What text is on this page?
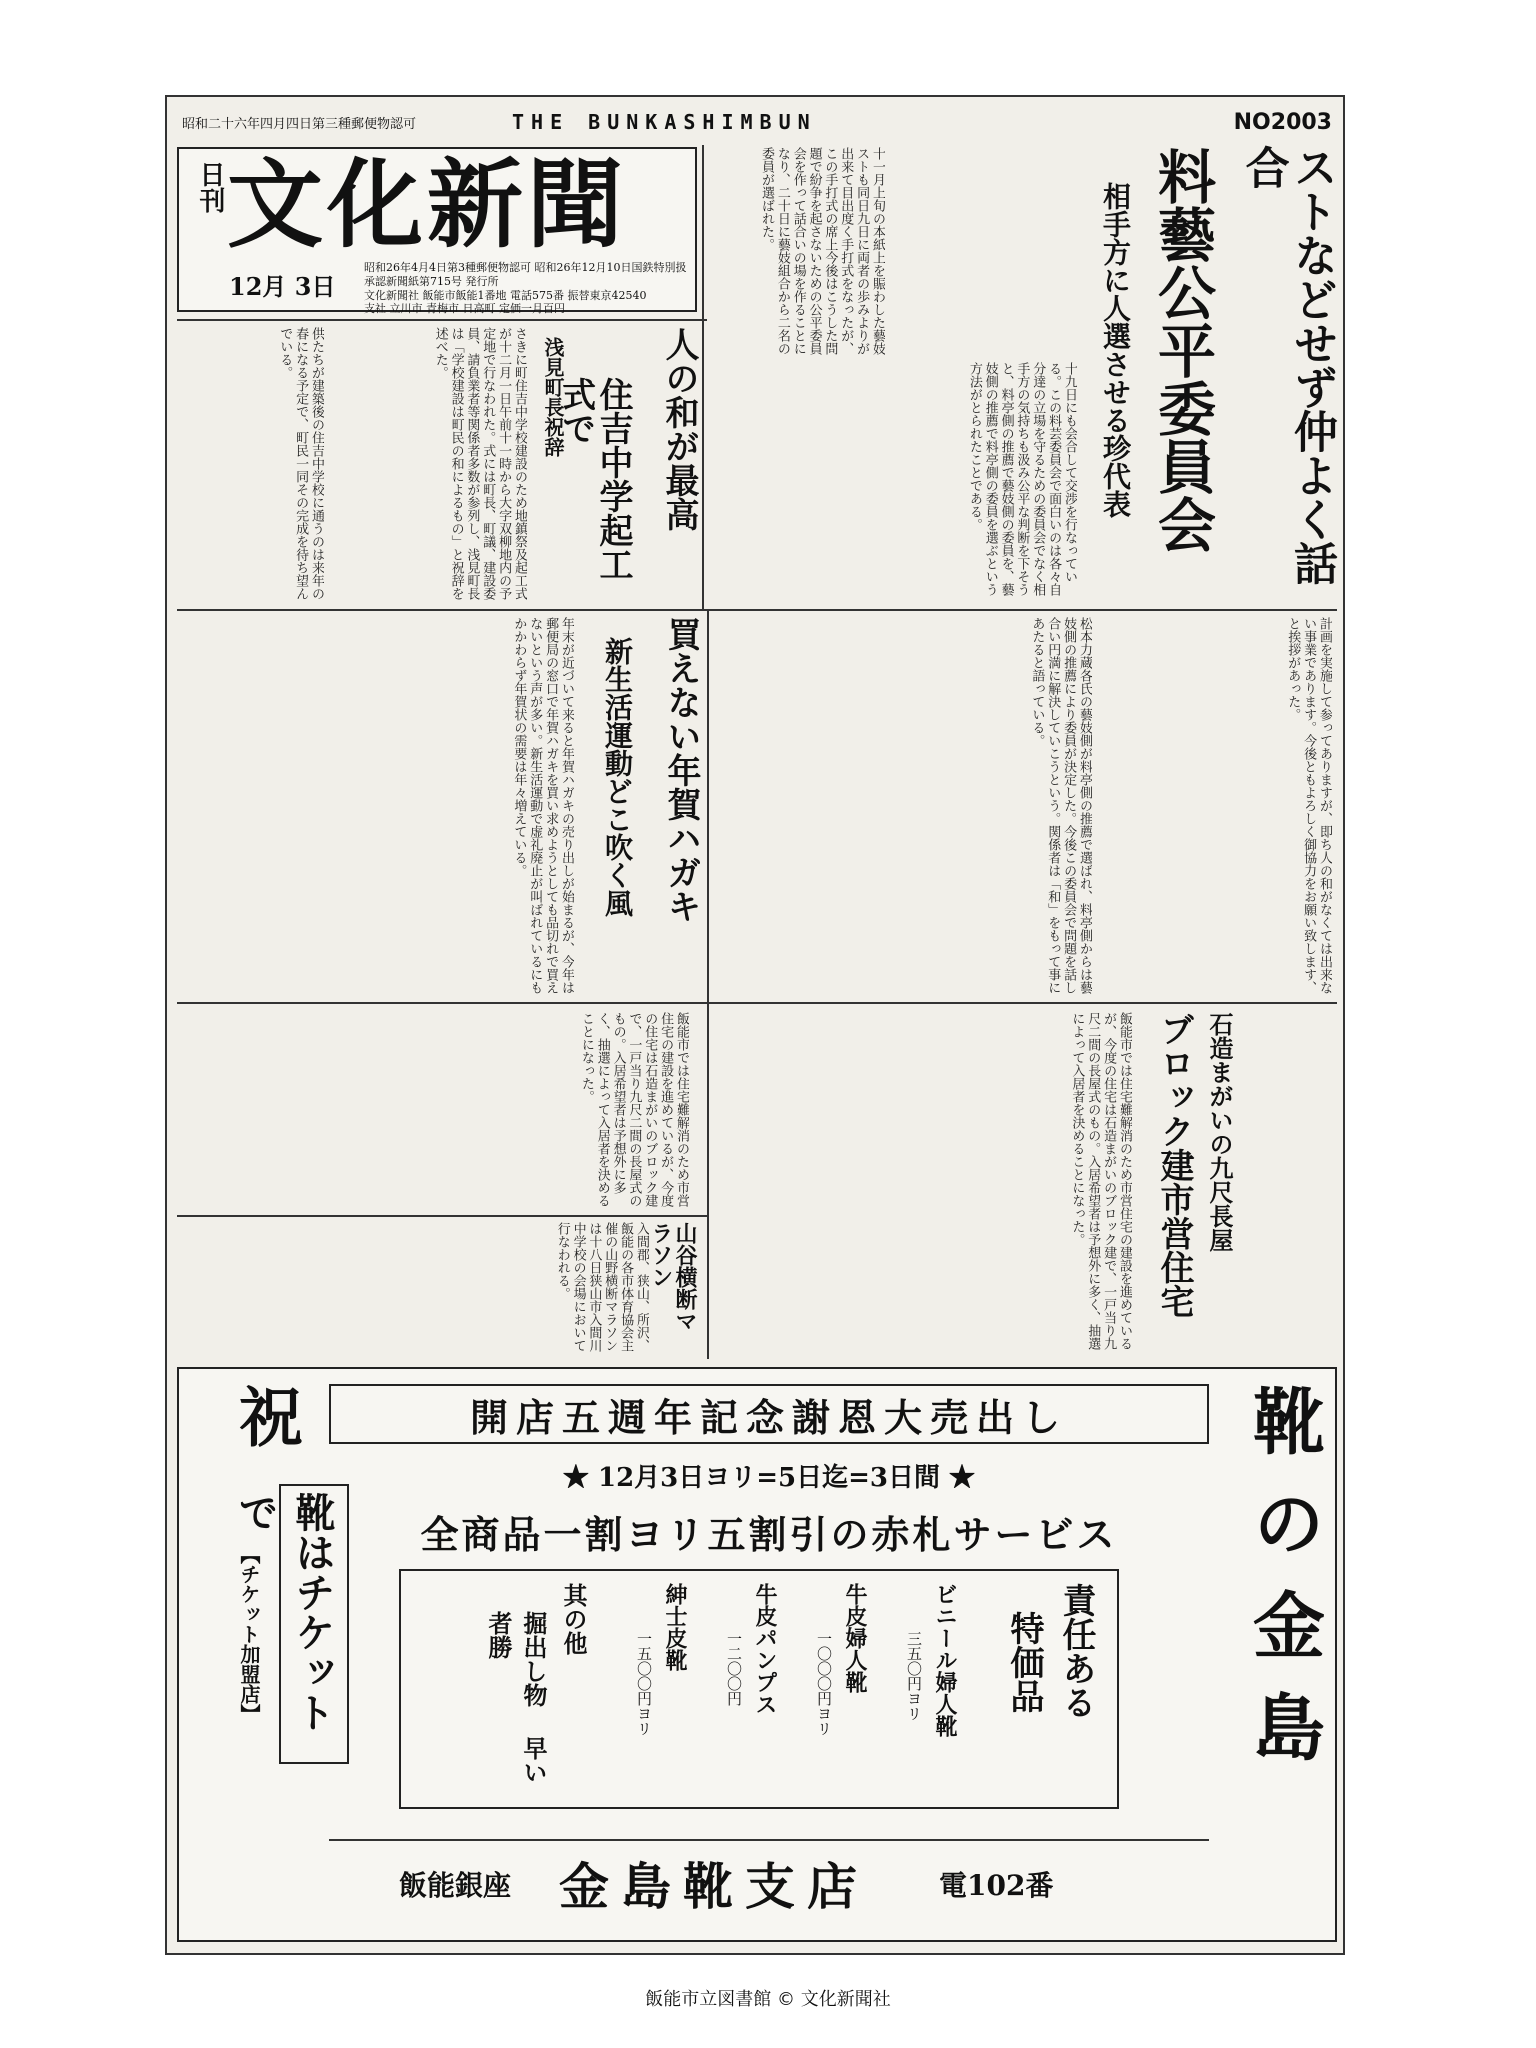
昭和二十六年四月四日第三種郵便物認可	THE BUNKASHIMBUN	NO2003
日刊 文化新聞
12月 3日
昭和26年4月4日第3種郵便物認可 昭和26年12月10日国鉄特別扱承認新聞紙第715号 発行所
文化新聞社 飯能市飯能1番地 電話575番 振替東京42540
支社 立川市 青梅市 日高町 定価一月百円	十一月上旬の本紙上を賑わした藝妓ストも同日九日に両者の歩みよりが出来て目出度く手打式をなったが、この手打式の席上今後はこうした問題で紛争を起さないための公平委員会を作って話合いの場を作ることになり、二十日に藝妓組合から二名の委員が選ばれた。	ストなどせず仲よく話合
料藝公平委員会
相手方に人選させる珍代表
十九日にも会合して交渉を行なっている。この料芸委員会で面白いのは各々自分達の立場を守るための委員会でなく相手方の気持ちも汲み公平な判断を下そうと、料亭側の推薦で藝妓側の委員を、藝妓側の推薦で料亭側の委員を選ぶという方法がとられたことである。
人の和が最高
住吉中学起工式で
浅見町長祝辞
さきに町住吉中学校建設のため地鎮祭及起工式が十二月一日午前十一時から大字双柳地内の予定地で行なわれた。式には町長、町議、建設委員、請負業者等関係者多数が参列し、浅見町長は「学校建設は町民の和によるもの」と祝辞を述べた。
供たちが建築後の住吉中学校に通うのは来年の春になる予定で、町民一同その完成を待ち望んでいる。
買えない年賀ハガキ
新生活運動どこ吹く風
年末が近づいて来ると年賀ハガキの売り出しが始まるが、今年は郵便局の窓口で年賀ハガキを買い求めようとしても品切れで買えないという声が多い。新生活運動で虚礼廃止が叫ばれているにもかかわらず年賀状の需要は年々増えている。	松本力蔵各氏の藝妓側が料亭側の推薦で選ばれ、料亭側からは藝妓側の推薦により委員が決定した。今後この委員会で問題を話し合い円満に解決していこうという。関係者は「和」をもって事にあたると語っている。	計画を実施して参ってありますが、即ち人の和がなくては出来ない事業であります。今後ともよろしく御協力をお願い致します、と挨拶があった。
石造まがいの九尺長屋
ブロック建市営住宅
飯能市では住宅難解消のため市営住宅の建設を進めているが、今度の住宅は石造まがいのブロック建で、一戸当り九尺二間の長屋式のもの。入居希望者は予想外に多く、抽選によって入居者を決めることになった。
飯能市では住宅難解消のため市営住宅の建設を進めているが、今度の住宅は石造まがいのブロック建で、一戸当り九尺二間の長屋式のもの。入居希望者は予想外に多く、抽選によって入居者を決めることになった。
山谷横断マラソン
入間郡、狭山、所沢、飯能の各市体育協会主催の山野横断マラソンは十八日狭山市入間川中学校の会場において行なわれる。
祝	靴の金島
開店五週年記念謝恩大売出し
★ 12月3日ヨリ=5日迄=3日間 ★
全商品一割ヨリ五割引の赤札サービス
靴はチケットで
【チケット加盟店】	責任ある
特価品
ビニール婦人靴
三五〇円ヨリ
牛皮婦人靴
一〇〇〇円ヨリ
牛皮パンプス
一二〇〇円
紳士皮靴
一五〇〇円ヨリ
其の他
掘出し物 早い者勝
飯能銀座 金島靴支店	電102番
飯能市立図書館 © 文化新聞社
